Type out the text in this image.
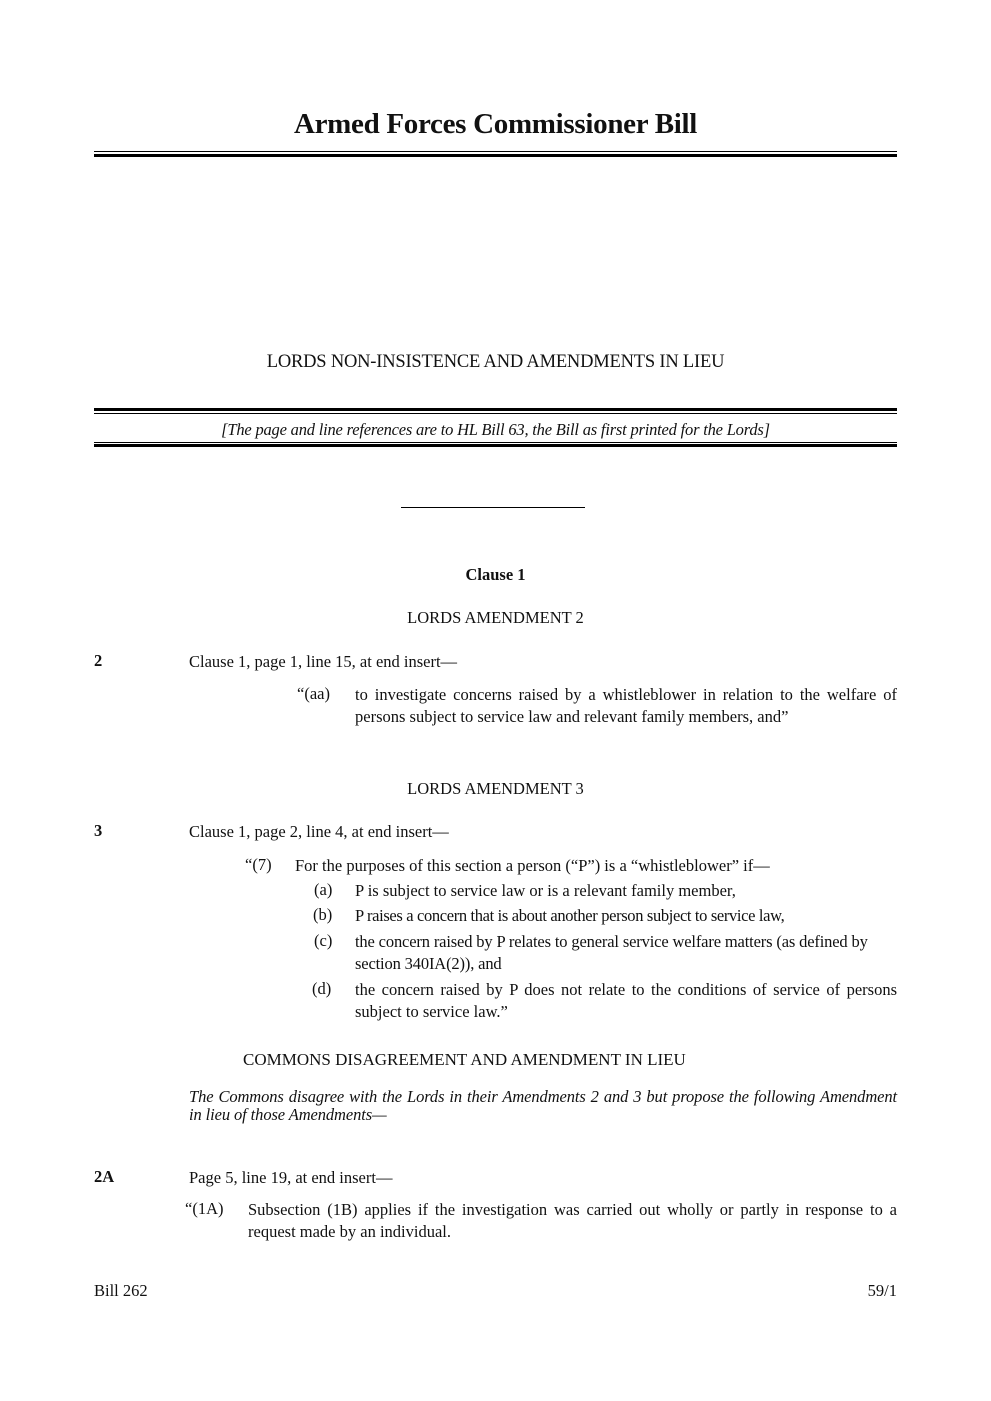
Armed Forces Commissioner Bill
LORDS NON-INSISTENCE AND AMENDMENTS IN LIEU
[The page and line references are to HL Bill 63, the Bill as first printed for the Lords]
Clause 1
LORDS AMENDMENT 2
2	Clause 1, page 1, line 15, at end insert—
“(aa) to investigate concerns raised by a whistleblower in relation to the welfare of persons subject to service law and relevant family members, and”
LORDS AMENDMENT 3
3	Clause 1, page 2, line 4, at end insert—
“(7) For the purposes of this section a person (“P”) is a “whistleblower” if—
(a) P is subject to service law or is a relevant family member,
(b) P raises a concern that is about another person subject to service law,
(c) the concern raised by P relates to general service welfare matters (as defined by section 340IA(2)), and
(d) the concern raised by P does not relate to the conditions of service of persons subject to service law.”
COMMONS DISAGREEMENT AND AMENDMENT IN LIEU
The Commons disagree with the Lords in their Amendments 2 and 3 but propose the following Amendment in lieu of those Amendments—
2A	Page 5, line 19, at end insert—
“(1A) Subsection (1B) applies if the investigation was carried out wholly or partly in response to a request made by an individual.
Bill 262	59/1
